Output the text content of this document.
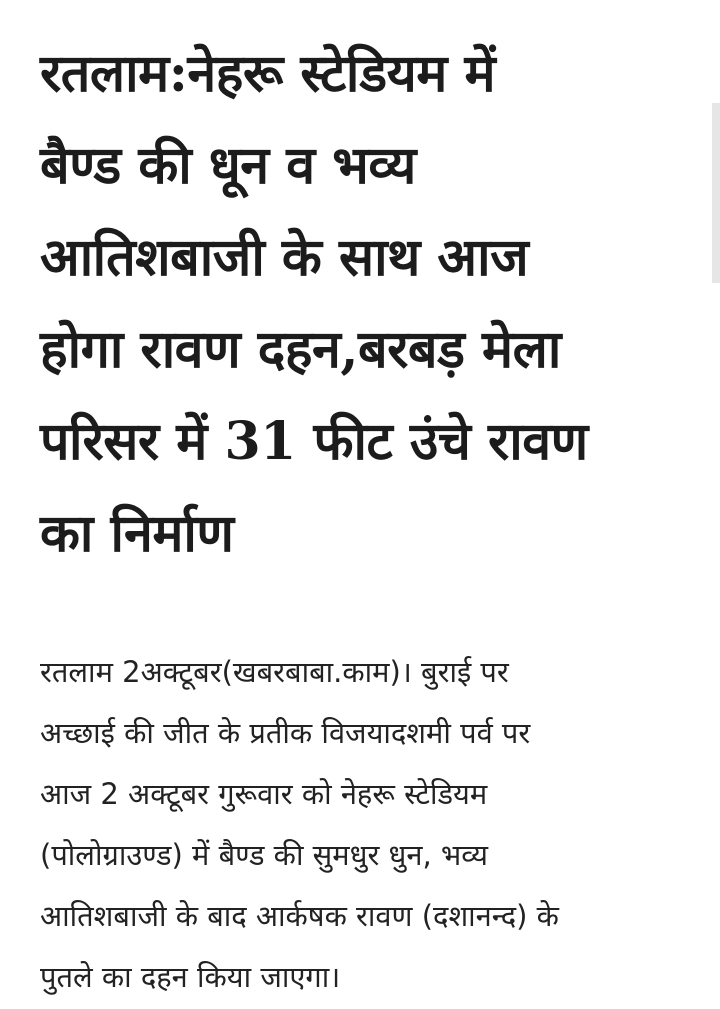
रतलाम:नेहरू स्टेडियम में
बैण्ड की धून व भव्य
आतिशबाजी के साथ आज
होगा रावण दहन,बरबड़ मेला
परिसर में 31 फीट उंचे रावण
का निर्माण

रतलाम 2अक्टूबर(खबरबाबा.काम)। बुराई पर
अच्छाई की जीत के प्रतीक विजयादशमी पर्व पर
आज 2 अक्टूबर गुरूवार को नेहरू स्टेडियम
(पोलोग्राउण्ड) में बैण्ड की सुमधुर धुन, भव्य
आतिशबाजी के बाद आर्कषक रावण (दशानन्द) के
पुतले का दहन किया जाएगा।
